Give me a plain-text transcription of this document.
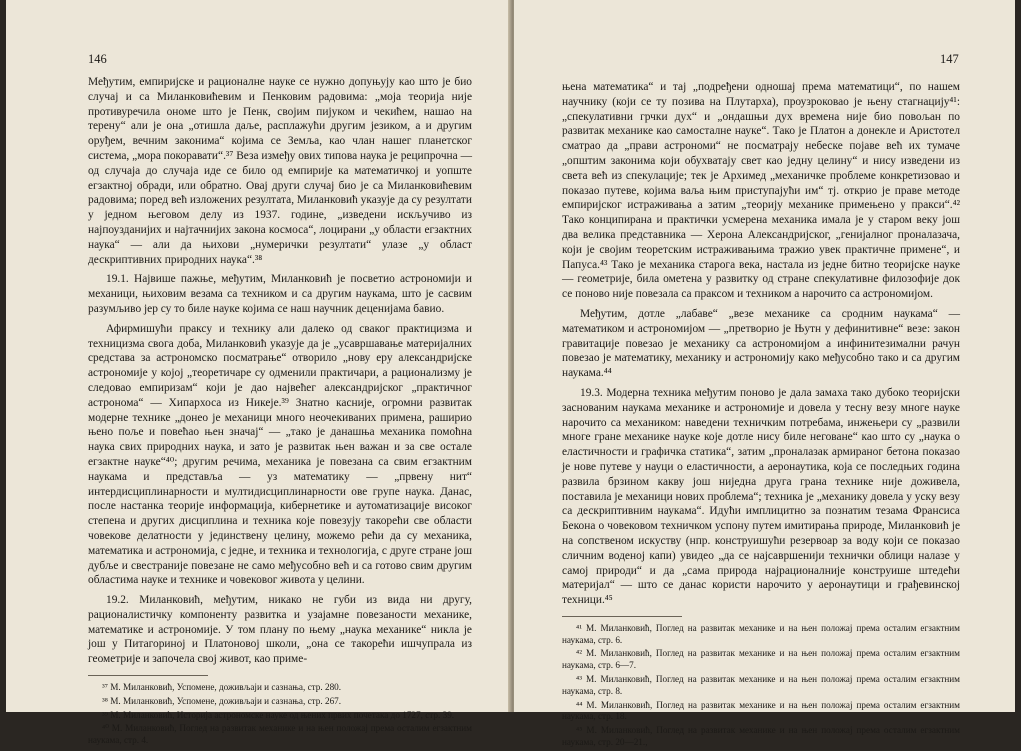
146

Међутим, емпиријске и рационалне науке се нужно допуњују као што је био случај и са Миланковићевим и Пенковим радовима: „моја теорија није противуречила ономе што је Пенк, својим пијуком и чекићем, нашао на терену“ али је она „отишла даље, расплажући другим језиком, а и другим оруђем, вечним законима“ којима се Земља, као члан нашег планетског система, „мора покоравати“.³⁷ Веза између ових типова наука је реципрочна — од случаја до случаја иде се било од емпирије ка математичкој и уопште егзактној обради, или обратно. Овај други случај био је са Миланковићевим радовима; поред већ изложених резултата, Миланковић указује да су резултати у једном његовом делу из 1937. године, „изведени искључиво из најпоузданијих и најтачнијих закона космоса“, лоцирани „у области егзактних наука“ — али да њихови „нумерички резултати“ улазе „у област дескриптивних природних наука“.³⁸

19.1. Највише пажње, међутим, Миланковић је посветио астрономији и механици, њиховим везама са техником и са другим наукама, што је сасвим разумљиво јер су то биле науке којима се наш научник деценијама бавио.

Афирмишући праксу и технику али далеко од сваког практицизма и техницизма свога доба, Миланковић указује да је „усавршавање материјалних средстава за астрономско посматрање“ отворило „нову еру александријске астрономије у којој „теоретичаре су одменили практичари, а рационализму је следовао емпиризам“ који је дао највећег александријског „практичног астронома“ — Хипархоса из Никеје.³⁹ Знатно касније, огромни развитак модерне технике „донео је механици много неочекиваних примена, раширио њено поље и повећао њен значај“ — „тако је данашња механика помоћна наука свих природних наука, и зато је развитак њен важан и за све остале егзактне науке“⁴⁰; другим речима, механика је повезана са свим егзактним наукама и представља — уз математику — „првену нит“ интердисциплинарности и мултидисциплинарности ове групе наука. Данас, после настанка теорије информација, кибернетике и аутоматизације високог степена и других дисциплина и техника које повезују такорећи све области човекове делатности у јединствену целину, можемо рећи да су механика, математика и астрономија, с једне, и техника и технологија, с друге стране још дубље и свестраније повезане не само међусобно већ и са готово свим другим областима науке и технике и човековог живота у целини.

19.2. Миланковић, међутим, никако не губи из вида ни другу, рационалистичку компоненту развитка и узајамне повезаности механике, математике и астрономије. У том плану по њему „наука механике“ никла је још у Питагориној и Платоновој школи, „она се такорећи ишчупрала из геометрије и започела свој живот, као приме-

³⁷ М. Миланковић, Успомене, доживљаји и сазнања, стр. 280.
³⁸ М. Миланковић, Успомене, доживљаји и сазнања, стр. 267.
³⁹ М. Миланковић, Историја астрономске науке од њених првих почетака до 1727, стр. 39.
⁴⁰ М. Миланковић, Поглед на развитак механике и на њен положај према осталим егзактним наукама, стр. 4.
147

њена математика“ и тај „подређени однoшај према математици“, по нашем научнику (који се ту позива на Плутарха), проузроковао је њену стагнацију⁴¹: „спекулативни грчки дух“ и „ондашњи дух времена није био повољан по развитак механике као самосталне науке“. Тако је Платон а донекле и Аристотел сматрао да „прави астрономи“ не посматрају небеске појаве већ их тумаче „општим законима који обухватају свет као једну целину“ и нису изведени из света већ из спекулације; тек је Архимед „механичке проблеме конкретизовао и показао путеве, којима ваља њим приступајући им“ тј. открио је праве методе емпиријског истраживања а затим „теорију механике примењено у пракси“.⁴² Тако конципирана и практички усмерена механика имала је у старом веку још два велика представника — Херона Александријског, „генијалног проналазача, који је својим теоретским истраживањима тражио увек практичне примене“, и Папуса.⁴³ Тако је механика старога века, настала из једне битно теоријске науке — геометрије, била ометена у развитку од стране спекулативне филозофије док се поново није повезала са праксом и техником а нарочито са астрономијом.

Међутим, дотле „лабаве“ „везе механике са сродним наукама“ — математиком и астрономијом — „претворио је Њутн у дефинитивне“ везе: закон гравитације повезао је механику са астрономијом а инфинитезимални рачун повезао је математику, механику и астрономију како међусобно тако и са другим наукама.⁴⁴

19.3. Модерна техника међутим поново је дала замаха тако дубоко теоријски заснованим наукама механике и астрономије и довела у тесну везу многе науке нарочито са механиком: наведени техничким потребама, инжењери су „развили многе гране механике науке које дотле нису биле неговане“ као што су „наука о еластичности и графичка статика“, затим „проналазак армираног бетона показао је нове путеве у науци о еластичности, а аеронаутика, која се последњих година развила брзином какву још ниједна друга грана технике није доживела, поставила је механици нових проблема“; техника је „механику довела у уску везу са дескриптивним наукама“. Идући имплицитно за познатим тезама Франсиса Бекона о човековом техничком успону путем имитирања природе, Миланковић је на сопственом искуству (нпр. конструишући резервоар за воду који се показао сличним воденој капи) увидео „да се најсавршенији технички облици налазе у самој природи“ и да „сама природа најрационалније конструише штедећи материјал“ — што се данас користи нарочито у аеронаутици и грађевинској техници.⁴⁵

⁴¹ М. Миланковић, Поглед на развитак механике и на њен положај према осталим егзактним наукама, стр. 6.
⁴² М. Миланковић, Поглед на развитак механике и на њен положај према осталим егзактним наукама, стр. 6—7.
⁴³ М. Миланковић, Поглед на развитак механике и на њен положај према осталим егзактним наукама, стр. 8.
⁴⁴ М. Миланковић, Поглед на развитак механике и на њен положај према осталим егзактним наукама, стр. 18.
⁴⁵ М. Миланковић, Поглед на развитак механике и на њен положај према осталим егзактним наукама, стр. 20—21.,
